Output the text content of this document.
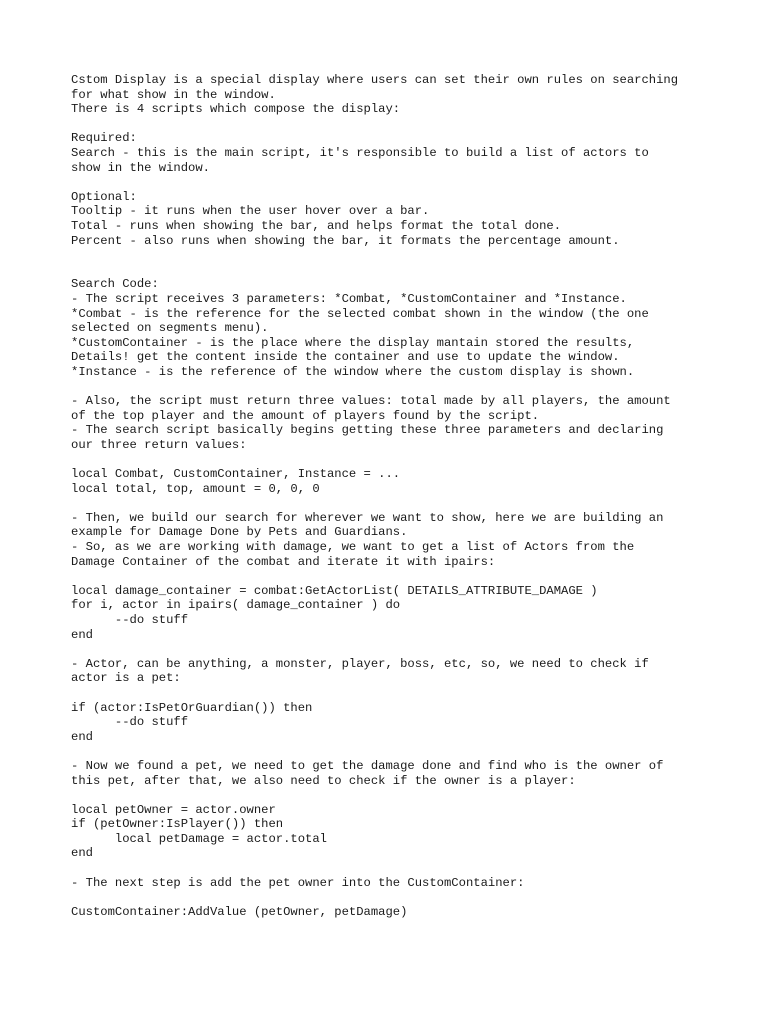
Cstom Display is a special display where users can set their own rules on searching
for what show in the window.
There is 4 scripts which compose the display:

Required:
Search - this is the main script, it's responsible to build a list of actors to
show in the window.

Optional:
Tooltip - it runs when the user hover over a bar.
Total - runs when showing the bar, and helps format the total done.
Percent - also runs when showing the bar, it formats the percentage amount.

Search Code:
- The script receives 3 parameters: *Combat, *CustomContainer and *Instance.
*Combat - is the reference for the selected combat shown in the window (the one
selected on segments menu).
*CustomContainer - is the place where the display mantain stored the results,
Details! get the content inside the container and use to update the window.
*Instance - is the reference of the window where the custom display is shown.

- Also, the script must return three values: total made by all players, the amount
of the top player and the amount of players found by the script.
- The search script basically begins getting these three parameters and declaring
our three return values:

local Combat, CustomContainer, Instance = ...
local total, top, amount = 0, 0, 0

- Then, we build our search for wherever we want to show, here we are building an
example for Damage Done by Pets and Guardians.
- So, as we are working with damage, we want to get a list of Actors from the
Damage Container of the combat and iterate it with ipairs:

local damage_container = combat:GetActorList( DETAILS_ATTRIBUTE_DAMAGE )
for i, actor in ipairs( damage_container ) do
--do stuff
end

- Actor, can be anything, a monster, player, boss, etc, so, we need to check if
actor is a pet:

if (actor:IsPetOrGuardian()) then
--do stuff
end

- Now we found a pet, we need to get the damage done and find who is the owner of
this pet, after that, we also need to check if the owner is a player:

local petOwner = actor.owner
if (petOwner:IsPlayer()) then
local petDamage = actor.total
end

- The next step is add the pet owner into the CustomContainer:

CustomContainer:AddValue (petOwner, petDamage)
